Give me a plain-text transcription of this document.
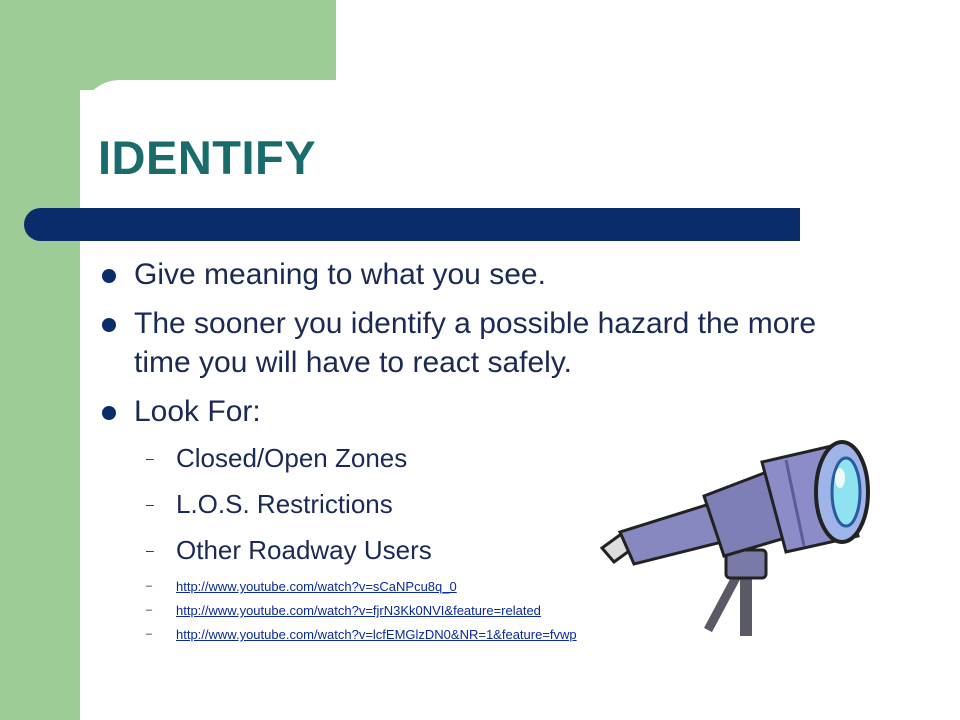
IDENTIFY
Give meaning to what you see.
The sooner you identify a possible hazard the more time you will have to react safely.
Look For:
– Closed/Open Zones
– L.O.S. Restrictions
– Other Roadway Users
– http://www.youtube.com/watch?v=sCaNPcu8q_0
– http://www.youtube.com/watch?v=fjrN3Kk0NVI&feature=related
– http://www.youtube.com/watch?v=lcfEMGlzDN0&NR=1&feature=fvwp
